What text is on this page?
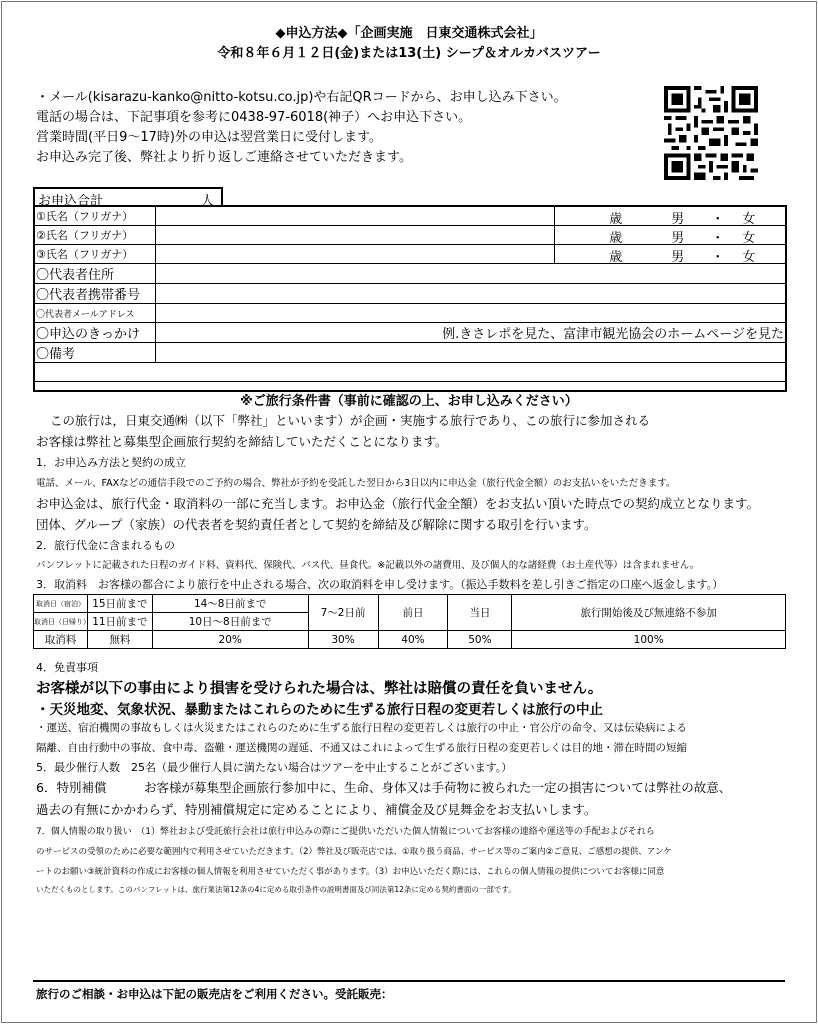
◆申込方法◆「企画実施　日東交通株式会社」
令和８年６月１２日(金)または13(土) シープ＆オルカバスツアー
・メール(kisarazu-kanko@nitto-kotsu.co.jp)や右記QRコードから、お申し込み下さい。
電話の場合は、下記事項を参考に0438-97-6018(神子）へお申込下さい。
営業時間(平日9～17時)外の申込は翌営業日に受付します。
お申込み完了後、弊社より折り返しご連絡させていただきます。
お申込合計	人
①氏名（フリガナ）		歳 男 ・ 女

②氏名（フリガナ）		歳 男 ・ 女

③氏名（フリガナ）		歳 男 ・ 女

〇代表者住所		
〇代表者携帯番号		
〇代表者メールアドレス		
〇申込のきっかけ	例.きさレポを見た、富津市観光協会のホームページを見た	
〇備考		

※ご旅行条件書（事前に確認の上、お申し込みください）
この旅行は，日東交通㈱（以下「弊社」といいます）が企画・実施する旅行であり、この旅行に参加される
お客様は弊社と募集型企画旅行契約を締結していただくことになります。
1．お申込み方法と契約の成立
電話、メール、FAXなどの通信手段でのご予約の場合、弊社が予約を受託した翌日から3日以内に申込金（旅行代金全額）のお支払いをいただきます。
お申込金は、旅行代金・取消料の一部に充当します。お申込金（旅行代金全額）をお支払い頂いた時点での契約成立となります。
団体、グループ（家族）の代表者を契約責任者として契約を締結及び解除に関する取引を行います。
2．旅行代金に含まれるもの
パンフレットに記載された日程のガイド料、資料代、保険代、バス代、昼食代。※記載以外の諸費用、及び個人的な諸経費（お土産代等）は含まれません。
3．取消料　お客様の都合により旅行を中止される場合、次の取消料を申し受けます。（振込手数料を差し引きご指定の口座へ返金します。）
取消日（宿泊）	15日前まで	14～8日前まで	7～2日前	前日	当日	旅行開始後及び無連絡不参加
取消日（日帰り）	11日前まで	10日～8日前まで				
取消料	無料	20%	30%	40%	50%	100%
4．免責事項
お客様が以下の事由により損害を受けられた場合は、弊社は賠償の責任を負いません。
・天災地変、気象状況、暴動またはこれらのために生ずる旅行日程の変更若しくは旅行の中止
・運送、宿泊機関の事故もしくは火災またはこれらのために生ずる旅行日程の変更若しくは旅行の中止・官公庁の命令、又は伝染病による
隔離、自由行動中の事故、食中毒、盗難・運送機関の遅延、不通又はこれによって生ずる旅行日程の変更若しくは目的地・滞在時間の短縮
5．最少催行人数　25名（最少催行人員に満たない場合はツアーを中止することがございます。）
6．特別補償　　　お客様が募集型企画旅行参加中に、生命、身体又は手荷物に被られた一定の損害については弊社の故意、
過去の有無にかかわらず、特別補償規定に定めることにより、補償金及び見舞金をお支払いします。
7．個人情報の取り扱い　（1）弊社および受託旅行会社は旅行申込みの際にご提供いただいた個人情報についてお客様の連絡や運送等の手配およびそれら
のサービスの受領のために必要な範囲内で利用させていただきます。（2）弊社及び販売店では、①取り扱う商品、サービス等のご案内②ご意見、ご感想の提供、アンケ
ートのお願い③統計資料の作成にお客様の個人情報を利用させていただく事があります。（3）お申込いただく際には、これらの個人情報の提供についてお客様に同意
いただくものとします。このパンフレットは、旅行業法第12条の4に定める取引条件の説明書面及び同法第12条に定める契約書面の一部です。
旅行のご相談・お申込は下記の販売店をご利用ください。受託販売：
